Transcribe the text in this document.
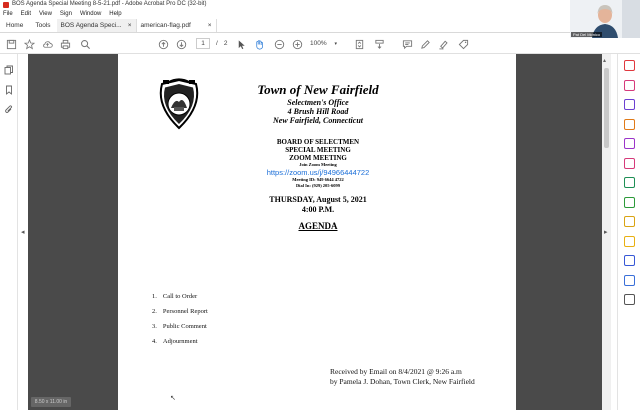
BOS Agenda Special Meeting 8-5-21.pdf - Adobe Acrobat Pro DC (32-bit)
File Edit View Sign Window Help
Home	Tools	BOS Agenda Speci... × american-flag.pdf	×
1	/ 2	100% ▾
Pat Del Monico
◂
Town of New Fairfield
Selectmen's Office
4 Brush Hill Road
New Fairfield, Connecticut
BOARD OF SELECTMEN
SPECIAL MEETING
ZOOM MEETING
Join Zoom Meeting
https://zoom.us/j/94966444722
Meeting ID: 949 6644 4722
Dial In: (929) 205-6099
THURSDAY, August 5, 2021
4:00 P.M.
AGENDA
1. Call to Order
2. Personnel Report
3. Public Comment
4. Adjournment
Received by Email on 8/4/2021 @ 9:26 a.m
by Pamela J. Dohan, Town Clerk, New Fairfield
8.50 x 11.00 in	↖
▴
▸
